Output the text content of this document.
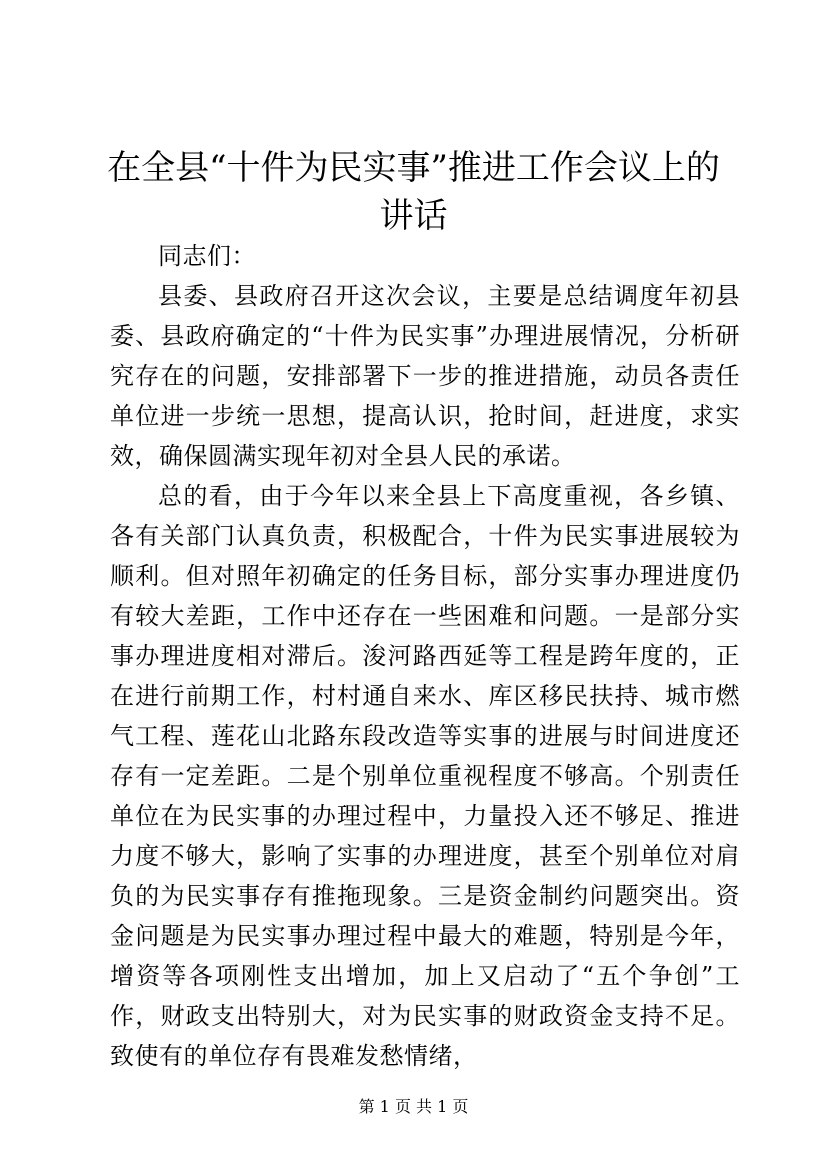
在全县“十件为民实事”推进工作会议上的讲话

同志们：

县委、县政府召开这次会议，主要是总结调度年初县委、县政府确定的“十件为民实事”办理进展情况，分析研究存在的问题，安排部署下一步的推进措施，动员各责任单位进一步统一思想，提高认识，抢时间，赶进度，求实效，确保圆满实现年初对全县人民的承诺。

总的看，由于今年以来全县上下高度重视，各乡镇、各有关部门认真负责，积极配合，十件为民实事进展较为顺利。但对照年初确定的任务目标，部分实事办理进度仍有较大差距，工作中还存在一些困难和问题。一是部分实事办理进度相对滞后。浚河路西延等工程是跨年度的，正在进行前期工作，村村通自来水、库区移民扶持、城市燃气工程、莲花山北路东段改造等实事的进展与时间进度还存有一定差距。二是个别单位重视程度不够高。个别责任单位在为民实事的办理过程中，力量投入还不够足、推进力度不够大，影响了实事的办理进度，甚至个别单位对肩负的为民实事存有推拖现象。三是资金制约问题突出。资金问题是为民实事办理过程中最大的难题，特别是今年，增资等各项刚性支出增加，加上又启动了“五个争创”工作，财政支出特别大，对为民实事的财政资金支持不足。致使有的单位存有畏难发愁情绪，

第 1 页 共 1 页
